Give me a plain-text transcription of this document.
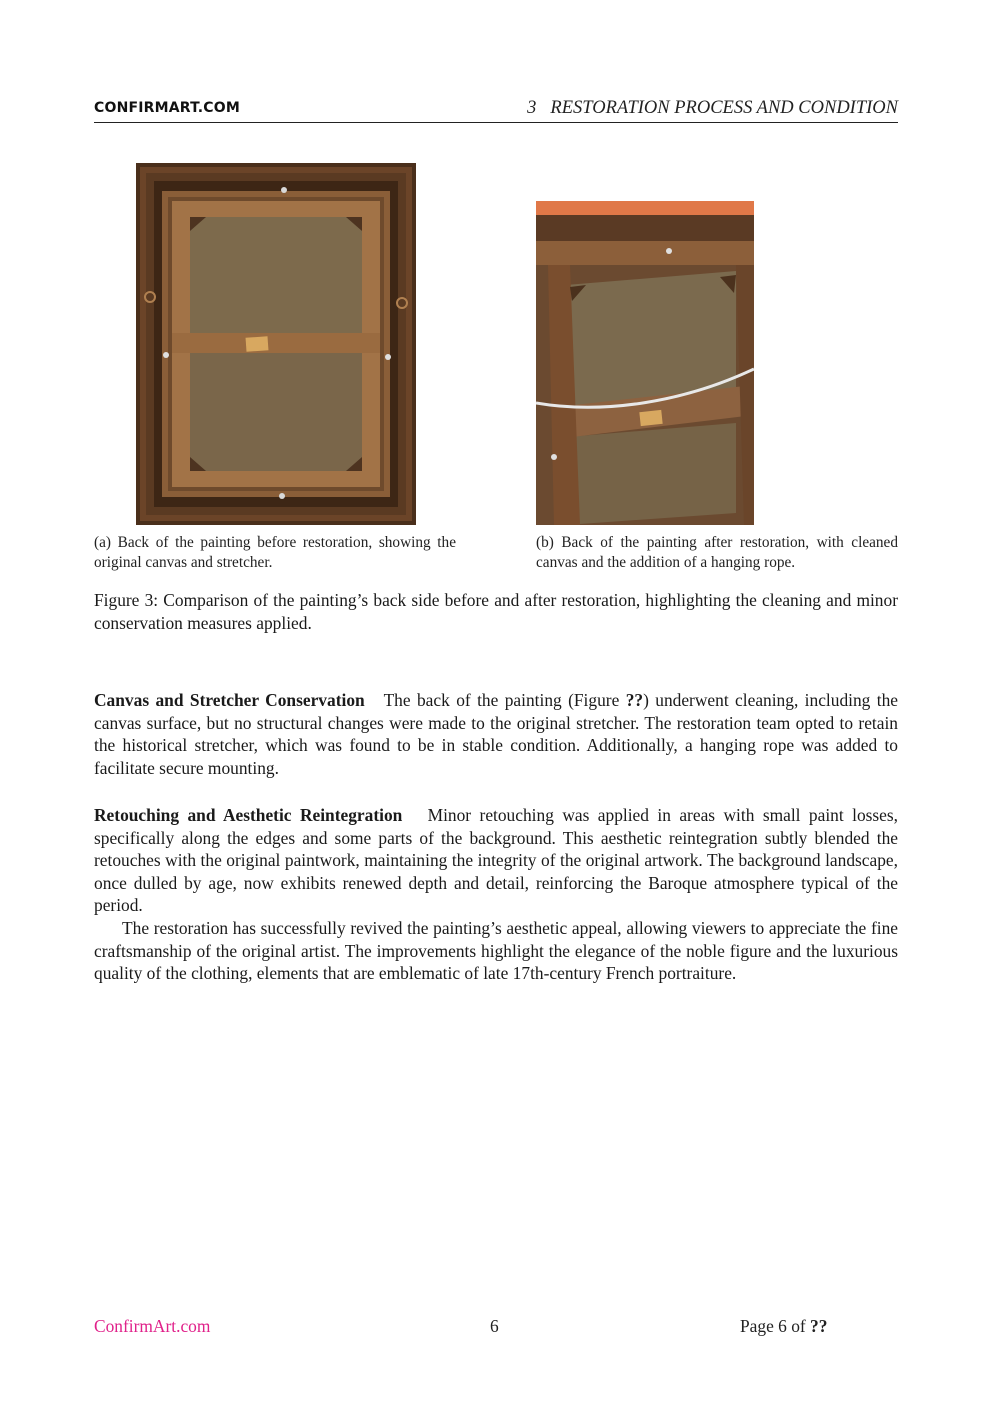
CONFIRMART.COM	3 RESTORATION PROCESS AND CONDITION
(a) Back of the painting before restoration, showing the original canvas and stretcher.
(b) Back of the painting after restoration, with cleaned canvas and the addition of a hanging rope.
Figure 3: Comparison of the painting’s back side before and after restoration, highlighting the cleaning and minor conservation measures applied.
Canvas and Stretcher Conservation The back of the painting (Figure ??) underwent cleaning, including the canvas surface, but no structural changes were made to the original stretcher. The restoration team opted to retain the historical stretcher, which was found to be in stable condition. Additionally, a hanging rope was added to facilitate secure mounting.
Retouching and Aesthetic Reintegration Minor retouching was applied in areas with small paint losses, specifically along the edges and some parts of the background. This aesthetic reintegration subtly blended the retouches with the original paintwork, maintaining the integrity of the original artwork. The background landscape, once dulled by age, now exhibits renewed depth and detail, reinforcing the Baroque atmosphere typical of the period.
The restoration has successfully revived the painting’s aesthetic appeal, allowing viewers to appreciate the fine craftsmanship of the original artist. The improvements highlight the elegance of the noble figure and the luxurious quality of the clothing, elements that are emblematic of late 17th-century French portraiture.
ConfirmArt.com	6	Page 6 of ??
